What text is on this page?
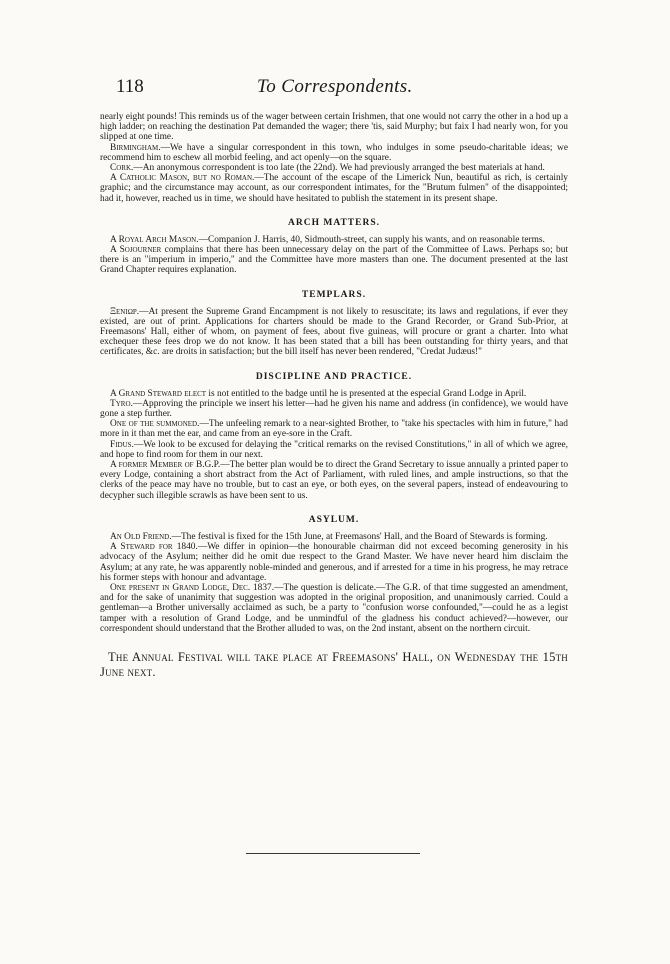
118	To Correspondents.

nearly eight pounds! This reminds us of the wager between certain Irishmen, that one would not carry the other in a hod up a high ladder; on reaching the destination Pat demanded the wager; there 'tis, said Murphy; but faix I had nearly won, for you slipped at one time.

Birmingham.—We have a singular correspondent in this town, who indulges in some pseudo-charitable ideas; we recommend him to eschew all morbid feeling, and act openly—on the square.

Cork.—An anonymous correspondent is too late (the 22nd). We had previously arranged the best materials at hand.

A Catholic Mason, but no Roman.—The account of the escape of the Limerick Nun, beautiful as rich, is certainly graphic; and the circumstance may account, as our correspondent intimates, for the "Brutum fulmen" of the disappointed; had it, however, reached us in time, we should have hesitated to publish the statement in its present shape.

ARCH MATTERS.

A Royal Arch Mason.—Companion J. Harris, 40, Sidmouth-street, can supply his wants, and on reasonable terms.

A Sojourner complains that there has been unnecessary delay on the part of the Committee of Laws. Perhaps so; but there is an "imperium in imperio," and the Committee have more masters than one. The document presented at the last Grand Chapter requires explanation.

TEMPLARS.

Ξενιωρ.—At present the Supreme Grand Encampment is not likely to resuscitate; its laws and regulations, if ever they existed, are out of print. Applications for charters should be made to the Grand Recorder, or Grand Sub-Prior, at Freemasons' Hall, either of whom, on payment of fees, about five guineas, will procure or grant a charter. Into what exchequer these fees drop we do not know. It has been stated that a bill has been outstanding for thirty years, and that certificates, &c. are droits in satisfaction; but the bill itself has never been rendered, "Credat Judæus!"

DISCIPLINE AND PRACTICE.

A Grand Steward elect is not entitled to the badge until he is presented at the especial Grand Lodge in April.

Tyro.—Approving the principle we insert his letter—had he given his name and address (in confidence), we would have gone a step further.

One of the summoned.—The unfeeling remark to a near-sighted Brother, to "take his spectacles with him in future," had more in it than met the ear, and came from an eye-sore in the Craft.

Fidus.—We look to be excused for delaying the "critical remarks on the revised Constitutions," in all of which we agree, and hope to find room for them in our next.

A former Member of B.G.P.—The better plan would be to direct the Grand Secretary to issue annually a printed paper to every Lodge, containing a short abstract from the Act of Parliament, with ruled lines, and ample instructions, so that the clerks of the peace may have no trouble, but to cast an eye, or both eyes, on the several papers, instead of endeavouring to decypher such illegible scrawls as have been sent to us.

ASYLUM.

An Old Friend.—The festival is fixed for the 15th June, at Freemasons' Hall, and the Board of Stewards is forming.

A Steward for 1840.—We differ in opinion—the honourable chairman did not exceed becoming generosity in his advocacy of the Asylum; neither did he omit due respect to the Grand Master. We have never heard him disclaim the Asylum; at any rate, he was apparently noble-minded and generous, and if arrested for a time in his progress, he may retrace his former steps with honour and advantage.

One present in Grand Lodge, Dec. 1837.—The question is delicate.—The G.R. of that time suggested an amendment, and for the sake of unanimity that suggestion was adopted in the original proposition, and unanimously carried. Could a gentleman—a Brother universally acclaimed as such, be a party to "confusion worse confounded,"—could he as a legist tamper with a resolution of Grand Lodge, and be unmindful of the gladness his conduct achieved?—however, our correspondent should understand that the Brother alluded to was, on the 2nd instant, absent on the northern circuit.

The Annual Festival will take place at Freemasons' Hall, on Wednesday the 15th June next.
